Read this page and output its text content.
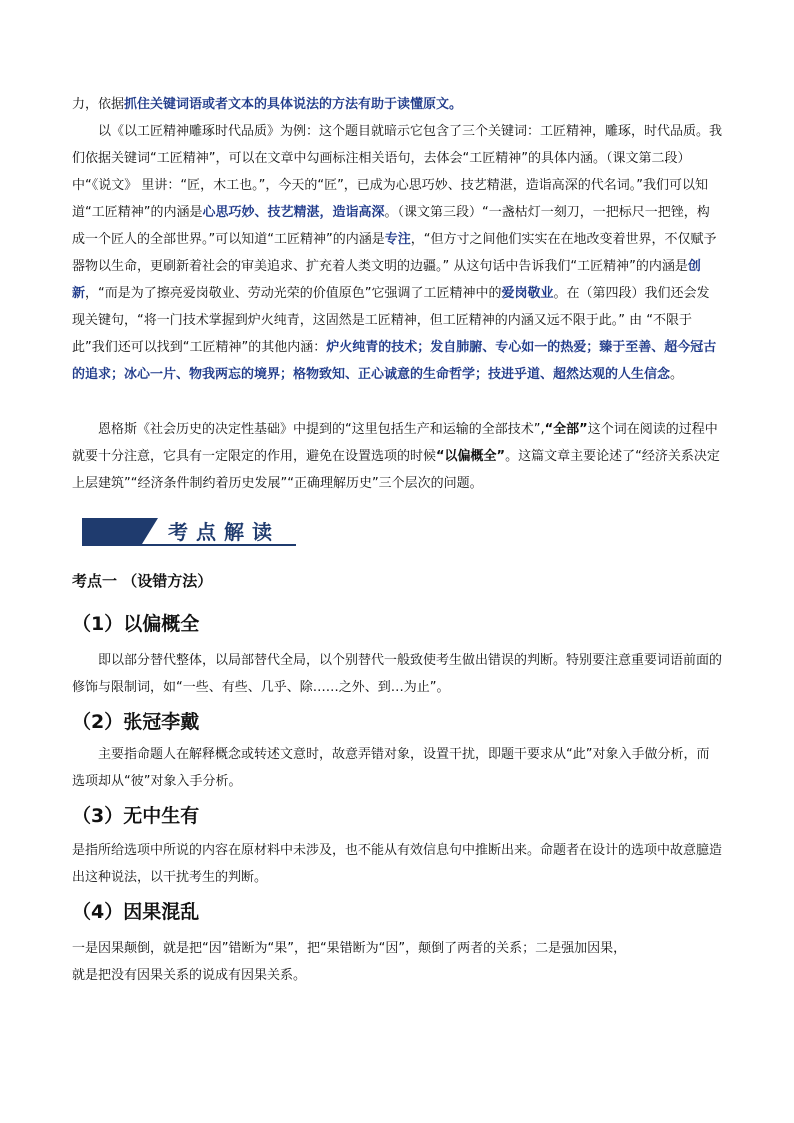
力，依据抓住关键词语或者文本的具体说法的方法有助于读懂原文。

以《以工匠精神雕琢时代品质》为例：这个题目就暗示它包含了三个关键词：工匠精神，雕琢，时代品质。我们依据关键词“工匠精神”，可以在文章中勾画标注相关语句，去体会“工匠精神”的具体内涵。（课文第二段）中“《说文》 里讲：“匠，木工也。”，今天的“匠”，已成为心思巧妙、技艺精湛，造诣高深的代名词。”我们可以知道“工匠精神”的内涵是心思巧妙、技艺精湛，造诣高深。（课文第三段）“一盏枯灯一刻刀，一把标尺一把锉，构成一个匠人的全部世界。”可以知道“工匠精神”的内涵是专注，“但方寸之间他们实实在在地改变着世界，不仅赋予器物以生命，更刷新着社会的审美追求、扩充着人类文明的边疆。” 从这句话中告诉我们“工匠精神”的内涵是创新，“而是为了擦亮爱岗敬业、劳动光荣的价值原色”它强调了工匠精神中的爱岗敬业。在（第四段）我们还会发现关键句，“将一门技术掌握到炉火纯青，这固然是工匠精神，但工匠精神的内涵又远不限于此。” 由 “不限于此”我们还可以找到“工匠精神”的其他内涵：炉火纯青的技术；发自肺腑、专心如一的热爱；臻于至善、超今冠古的追求；冰心一片、物我两忘的境界；格物致知、正心诚意的生命哲学；技进乎道、超然达观的人生信念。

恩格斯《社会历史的决定性基础》中提到的“这里包括生产和运输的全部技术”,“全部”这个词在阅读的过程中就要十分注意，它具有一定限定的作用，避免在设置选项的时候“以偏概全”。这篇文章主要论述了“经济关系决定上层建筑”“经济条件制约着历史发展”“正确理解历史”三个层次的问题。

考点解读
考点一 （设错方法）
（1）以偏概全

即以部分替代整体，以局部替代全局，以个别替代一般致使考生做出错误的判断。特别要注意重要词语前面的修饰与限制词，如“一些、有些、几乎、除……之外、到…为止”。

（2）张冠李戴

主要指命题人在解释概念或转述文意时，故意弄错对象，设置干扰，即题干要求从“此”对象入手做分析，而选项却从“彼”对象入手分析。

（3）无中生有

是指所给选项中所说的内容在原材料中未涉及，也不能从有效信息句中推断出来。命题者在设计的选项中故意臆造出这种说法，以干扰考生的判断。

（4）因果混乱

一是因果颠倒，就是把“因”错断为“果”，把“果错断为“因”，颠倒了两者的关系；二是强加因果，

就是把没有因果关系的说成有因果关系。
